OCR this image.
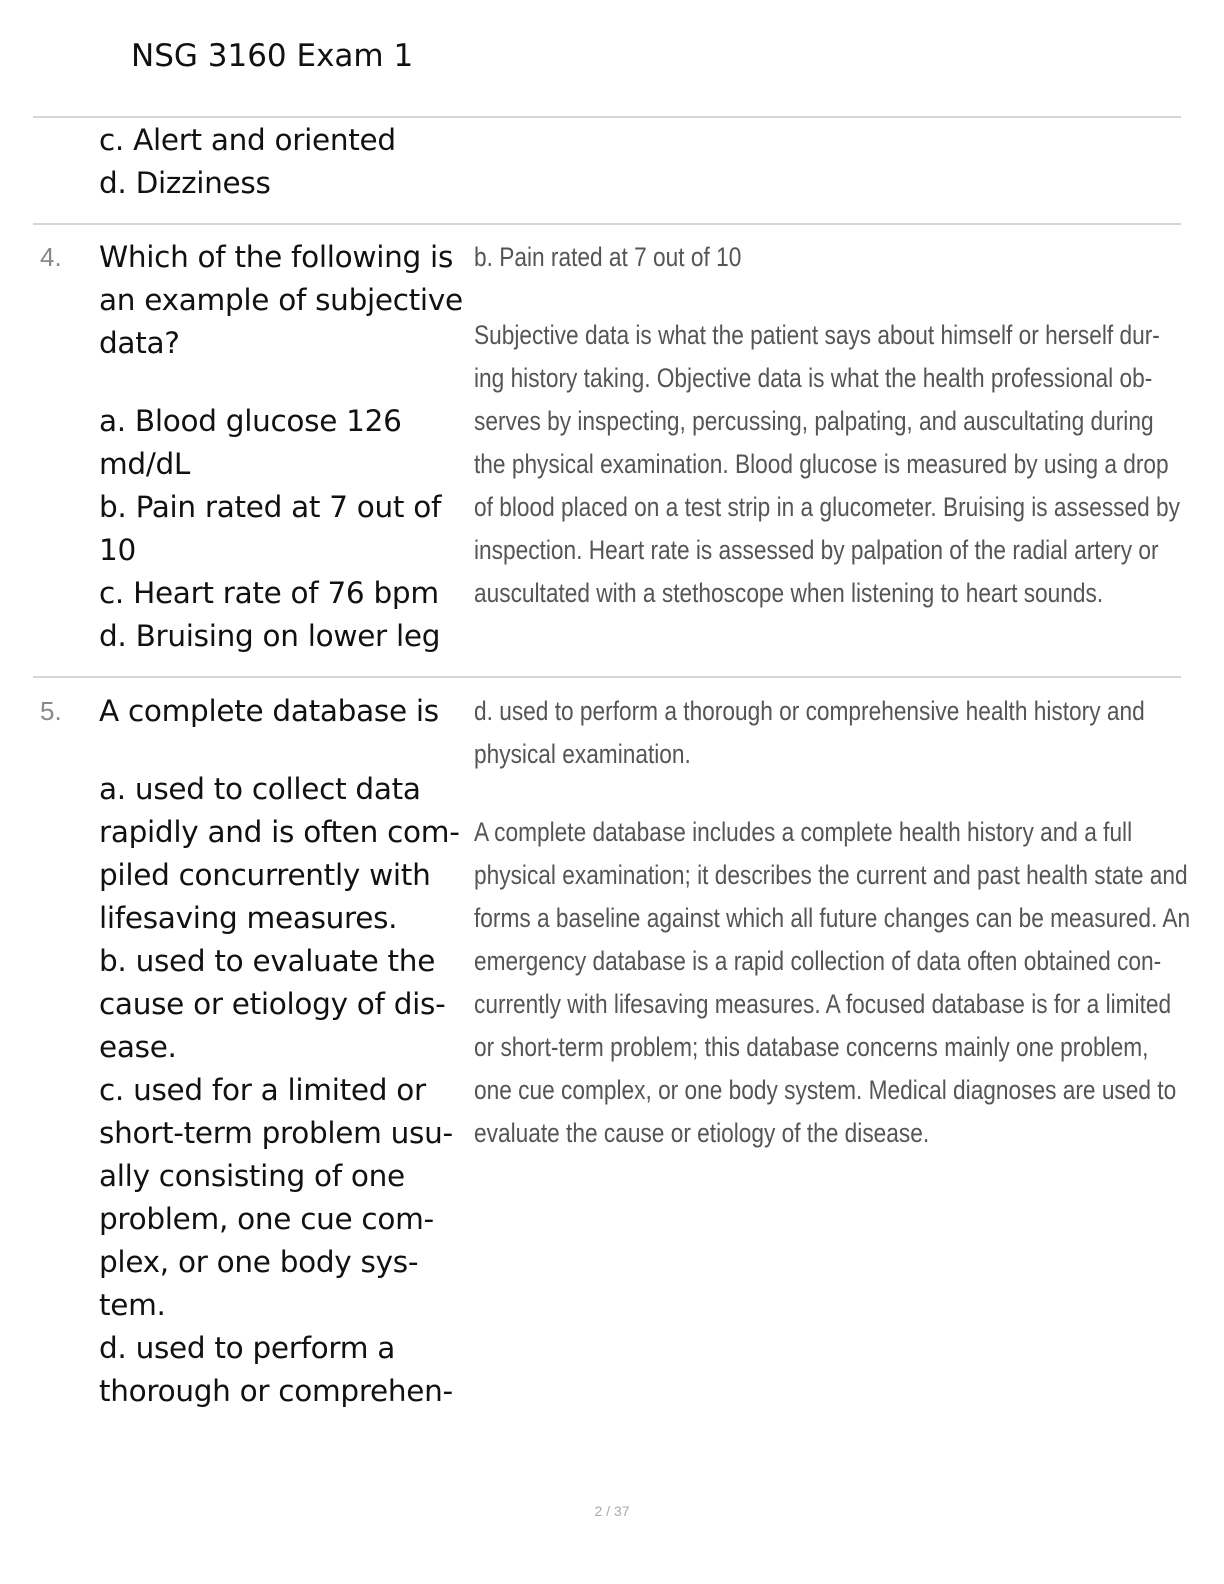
NSG 3160 Exam 1
c. Alert and oriented
d. Dizziness
4. Which of the following is
an example of subjective
data?
a. Blood glucose 126
md/dL
b. Pain rated at 7 out of
10
c. Heart rate of 76 bpm
d. Bruising on lower leg
b. Pain rated at 7 out of 10
Subjective data is what the patient says about himself or herself dur-
ing history taking. Objective data is what the health professional ob-
serves by inspecting, percussing, palpating, and auscultating during
the physical examination. Blood glucose is measured by using a drop
of blood placed on a test strip in a glucometer. Bruising is assessed by
inspection. Heart rate is assessed by palpation of the radial artery or
auscultated with a stethoscope when listening to heart sounds.
5. A complete database is
a. used to collect data
rapidly and is often com-
piled concurrently with
lifesaving measures.
b. used to evaluate the
cause or etiology of dis-
ease.
c. used for a limited or
short-term problem usu-
ally consisting of one
problem, one cue com-
plex, or one body sys-
tem.
d. used to perform a
thorough or comprehen-
d. used to perform a thorough or comprehensive health history and
physical examination.
A complete database includes a complete health history and a full
physical examination; it describes the current and past health state and
forms a baseline against which all future changes can be measured. An
emergency database is a rapid collection of data often obtained con-
currently with lifesaving measures. A focused database is for a limited
or short-term problem; this database concerns mainly one problem,
one cue complex, or one body system. Medical diagnoses are used to
evaluate the cause or etiology of the disease.
2 / 37
